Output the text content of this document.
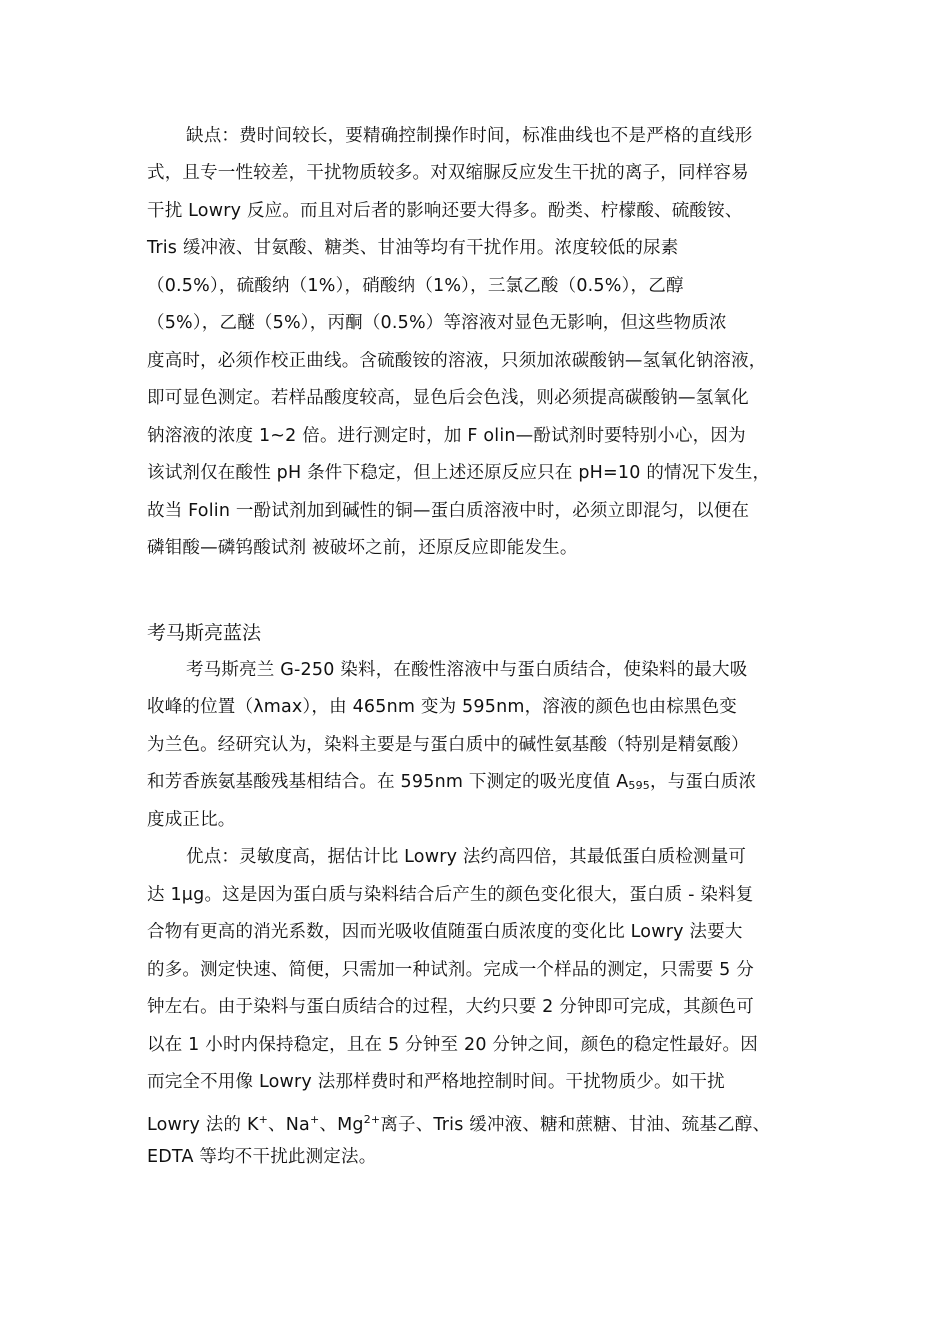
缺点：费时间较长，要精确控制操作时间，标准曲线也不是严格的直线形
式，且专一性较差，干扰物质较多。对双缩脲反应发生干扰的离子，同样容易
干扰 Lowry 反应。而且对后者的影响还要大得多。酚类、柠檬酸、硫酸铵、
Tris 缓冲液、甘氨酸、糖类、甘油等均有干扰作用。浓度较低的尿素
（0.5%），硫酸纳（1%），硝酸纳（1%），三氯乙酸（0.5%），乙醇
（5%），乙醚（5%），丙酮（0.5%）等溶液对显色无影响，但这些物质浓
度高时，必须作校正曲线。含硫酸铵的溶液，只须加浓碳酸钠—氢氧化钠溶液，
即可显色测定。若样品酸度较高，显色后会色浅，则必须提高碳酸钠—氢氧化
钠溶液的浓度 1~2 倍。进行测定时，加 F olin—酚试剂时要特别小心，因为
该试剂仅在酸性 pH 条件下稳定，但上述还原反应只在 pH=10 的情况下发生，
故当 Folin 一酚试剂加到碱性的铜—蛋白质溶液中时，必须立即混匀，以便在
磷钼酸—磷钨酸试剂 被破坏之前，还原反应即能发生。
考马斯亮蓝法
考马斯亮兰 G-250 染料，在酸性溶液中与蛋白质结合，使染料的最大吸
收峰的位置（λmax），由 465nm 变为 595nm，溶液的颜色也由棕黑色变
为兰色。经研究认为，染料主要是与蛋白质中的碱性氨基酸（特别是精氨酸）
和芳香族氨基酸残基相结合。在 595nm 下测定的吸光度值 $A_{595}$，与蛋白质浓
度成正比。
优点：灵敏度高，据估计比 Lowry 法约高四倍，其最低蛋白质检测量可
达 1μg。这是因为蛋白质与染料结合后产生的颜色变化很大，蛋白质 - 染料复
合物有更高的消光系数，因而光吸收值随蛋白质浓度的变化比 Lowry 法要大
的多。测定快速、简便，只需加一种试剂。完成一个样品的测定，只需要 5 分
钟左右。由于染料与蛋白质结合的过程，大约只要 2 分钟即可完成，其颜色可
以在 1 小时内保持稳定，且在 5 分钟至 20 分钟之间，颜色的稳定性最好。因
而完全不用像 Lowry 法那样费时和严格地控制时间。干扰物质少。如干扰
Lowry 法的 K+、Na+、$Mg^{2+}$离子、Tris 缓冲液、糖和蔗糖、甘油、巯基乙醇、
EDTA 等均不干扰此测定法。
